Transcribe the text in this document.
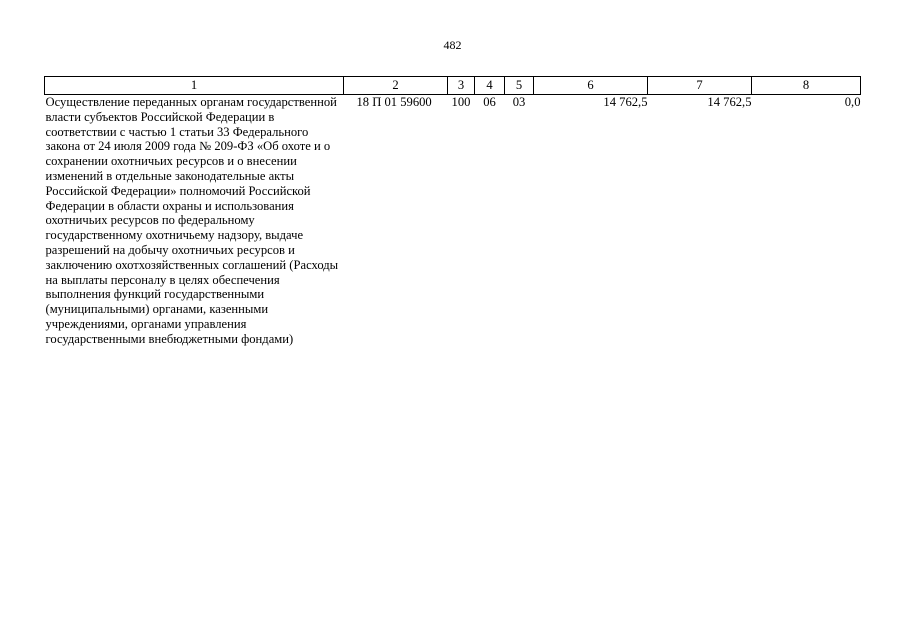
482
1	2	3	4	5	6	7	8
Осуществление переданных органам государственной власти субъектов Российской Федерации в соответствии с частью 1 статьи 33 Федерального закона от 24 июля 2009 года № 209-ФЗ «Об охоте и о сохранении охотничьих ресурсов и о внесении изменений в отдельные законодательные акты Российской Федерации» полномочий Российской Федерации в области охраны и использования охотничьих ресурсов по федеральному государственному охотничьему надзору, выдаче разрешений на добычу охотничьих ресурсов и заключению охотхозяйственных соглашений (Расходы на выплаты персоналу в целях обеспечения выполнения функций государственными (муниципальными) органами, казенными учреждениями, органами управления государственными внебюджетными фондами)	18 П 01 59600	100	06	03	14 762,5	14 762,5	0,0
